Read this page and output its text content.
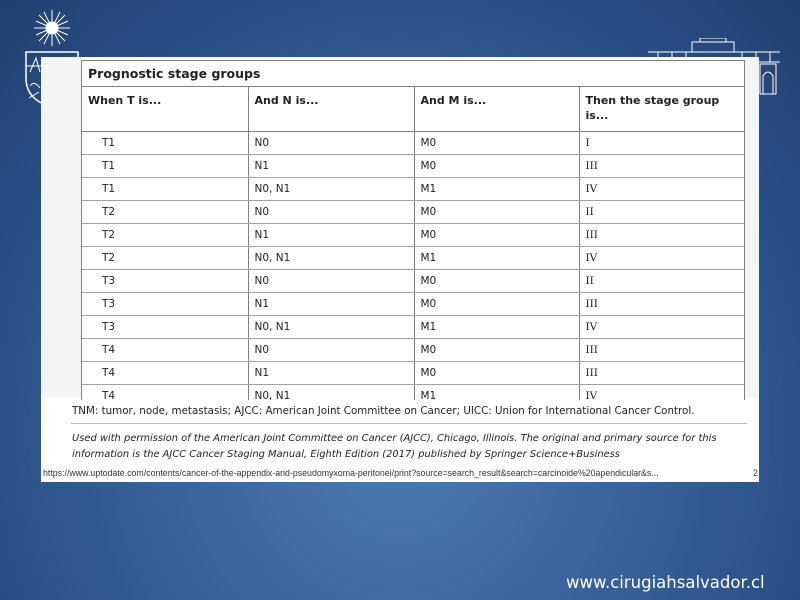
Prognostic stage groups
When T is...	And N is...	And M is...	Then the stage group is...
T1	N0	M0	I
T1	N1	M0	III
T1	N0, N1	M1	IV
T2	N0	M0	II
T2	N1	M0	III
T2	N0, N1	M1	IV
T3	N0	M0	II
T3	N1	M0	III
T3	N0, N1	M1	IV
T4	N0	M0	III
T4	N1	M0	III
T4	N0, N1	M1	IV
TNM: tumor, node, metastasis; AJCC: American Joint Committee on Cancer; UICC: Union for International Cancer Control.
Used with permission of the American Joint Committee on Cancer (AJCC), Chicago, Illinois. The original and primary source for this information is the AJCC Cancer Staging Manual, Eighth Edition (2017) published by Springer Science+Business
https://www.uptodate.com/contents/cancer-of-the-appendix-and-pseudomyxoma-peritonei/print?source=search_result&search=carcinoide%20apendicular&s...	2
www.cirugiahsalvador.cl
